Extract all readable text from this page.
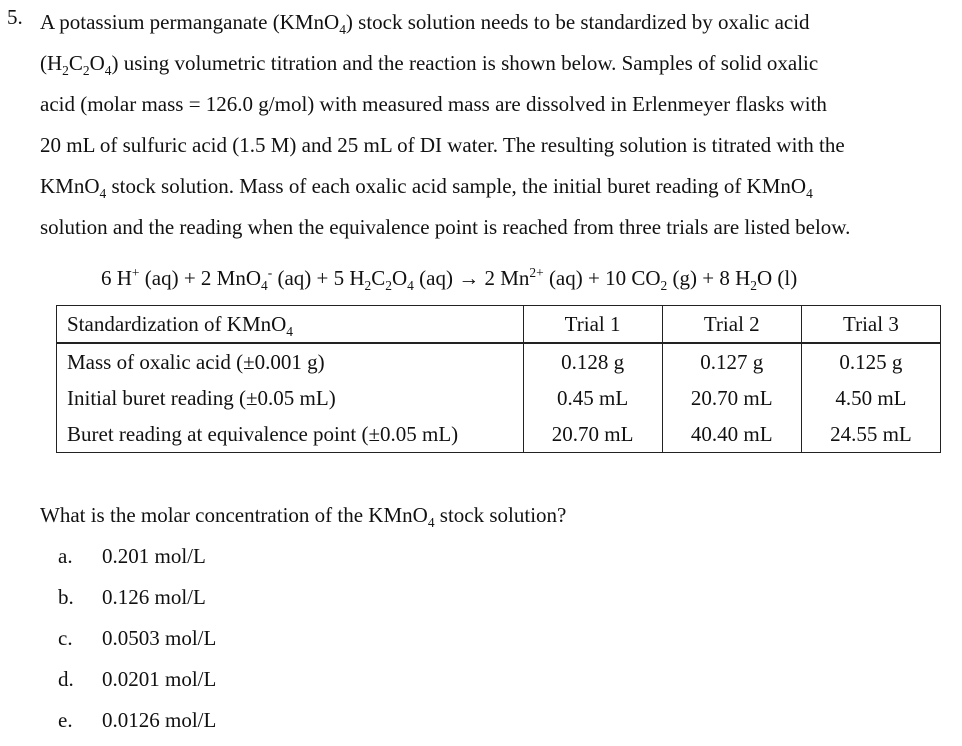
5. A potassium permanganate (KMnO$_4$) stock solution needs to be standardized by oxalic acid
$(H_2C_2O_4)$ using volumetric titration and the reaction is shown below. Samples of solid oxalic
acid (molar mass = 126.0 g/mol) with measured mass are dissolved in Erlenmeyer flasks with
20 mL of sulfuric acid (1.5 M) and 25 mL of DI water. The resulting solution is titrated with the
KMnO$_4$ stock solution. Mass of each oxalic acid sample, the initial buret reading of KMnO$_4$
solution and the reading when the equivalence point is reached from three trials are listed below.
6 H+ (aq) + 2 MnO$_4$- (aq) + 5 $H_2C_2O_4$ (aq) → 2 $Mn^{2+}$ (aq) + 10 $CO_2$ (g) + 8 $H_2O$ (l)
Standardization of KMnO$_4$	Trial 1	Trial 2	Trial 3
Mass of oxalic acid (±0.001 g)	0.128 g	0.127 g	0.125 g
Initial buret reading (±0.05 mL)	0.45 mL	20.70 mL	4.50 mL
Buret reading at equivalence point (±0.05 mL)	20.70 mL	40.40 mL	24.55 mL
What is the molar concentration of the KMnO$_4$ stock solution?
a.	0.201 mol/L
b.	0.126 mol/L
c.	0.0503 mol/L
d.	0.0201 mol/L
e.	0.0126 mol/L
